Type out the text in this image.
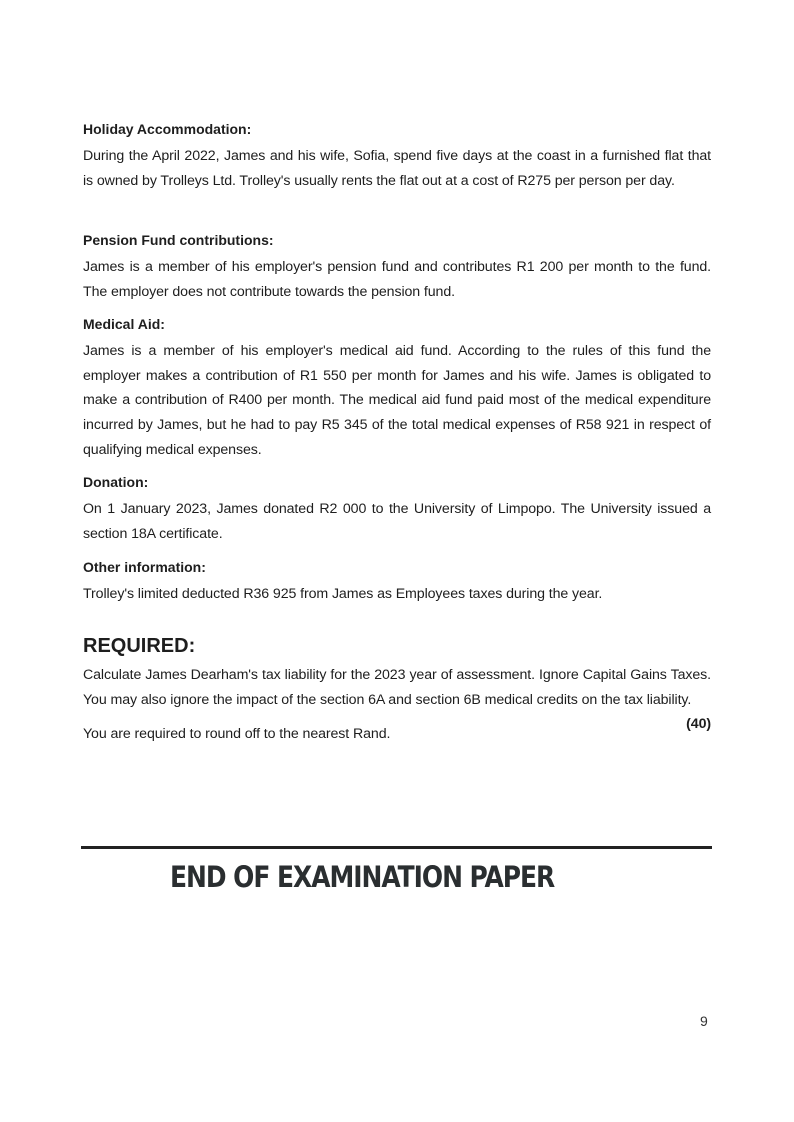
Holiday Accommodation:

During the April 2022, James and his wife, Sofia, spend five days at the coast in a furnished flat that is owned by Trolleys Ltd. Trolley's usually rents the flat out at a cost of R275 per person per day.

Pension Fund contributions:

James is a member of his employer's pension fund and contributes R1 200 per month to the fund. The employer does not contribute towards the pension fund.

Medical Aid:

James is a member of his employer's medical aid fund. According to the rules of this fund the employer makes a contribution of R1 550 per month for James and his wife. James is obligated to make a contribution of R400 per month. The medical aid fund paid most of the medical expenditure incurred by James, but he had to pay R5 345 of the total medical expenses of R58 921 in respect of qualifying medical expenses.

Donation:

On 1 January 2023, James donated R2 000 to the University of Limpopo. The University issued a section 18A certificate.

Other information:

Trolley's limited deducted R36 925 from James as Employees taxes during the year.

REQUIRED:

Calculate James Dearham's tax liability for the 2023 year of assessment. Ignore Capital Gains Taxes. You may also ignore the impact of the section 6A and section 6B medical credits on the tax liability.
(40)

You are required to round off to the nearest Rand.

END OF EXAMINATION PAPER
9
